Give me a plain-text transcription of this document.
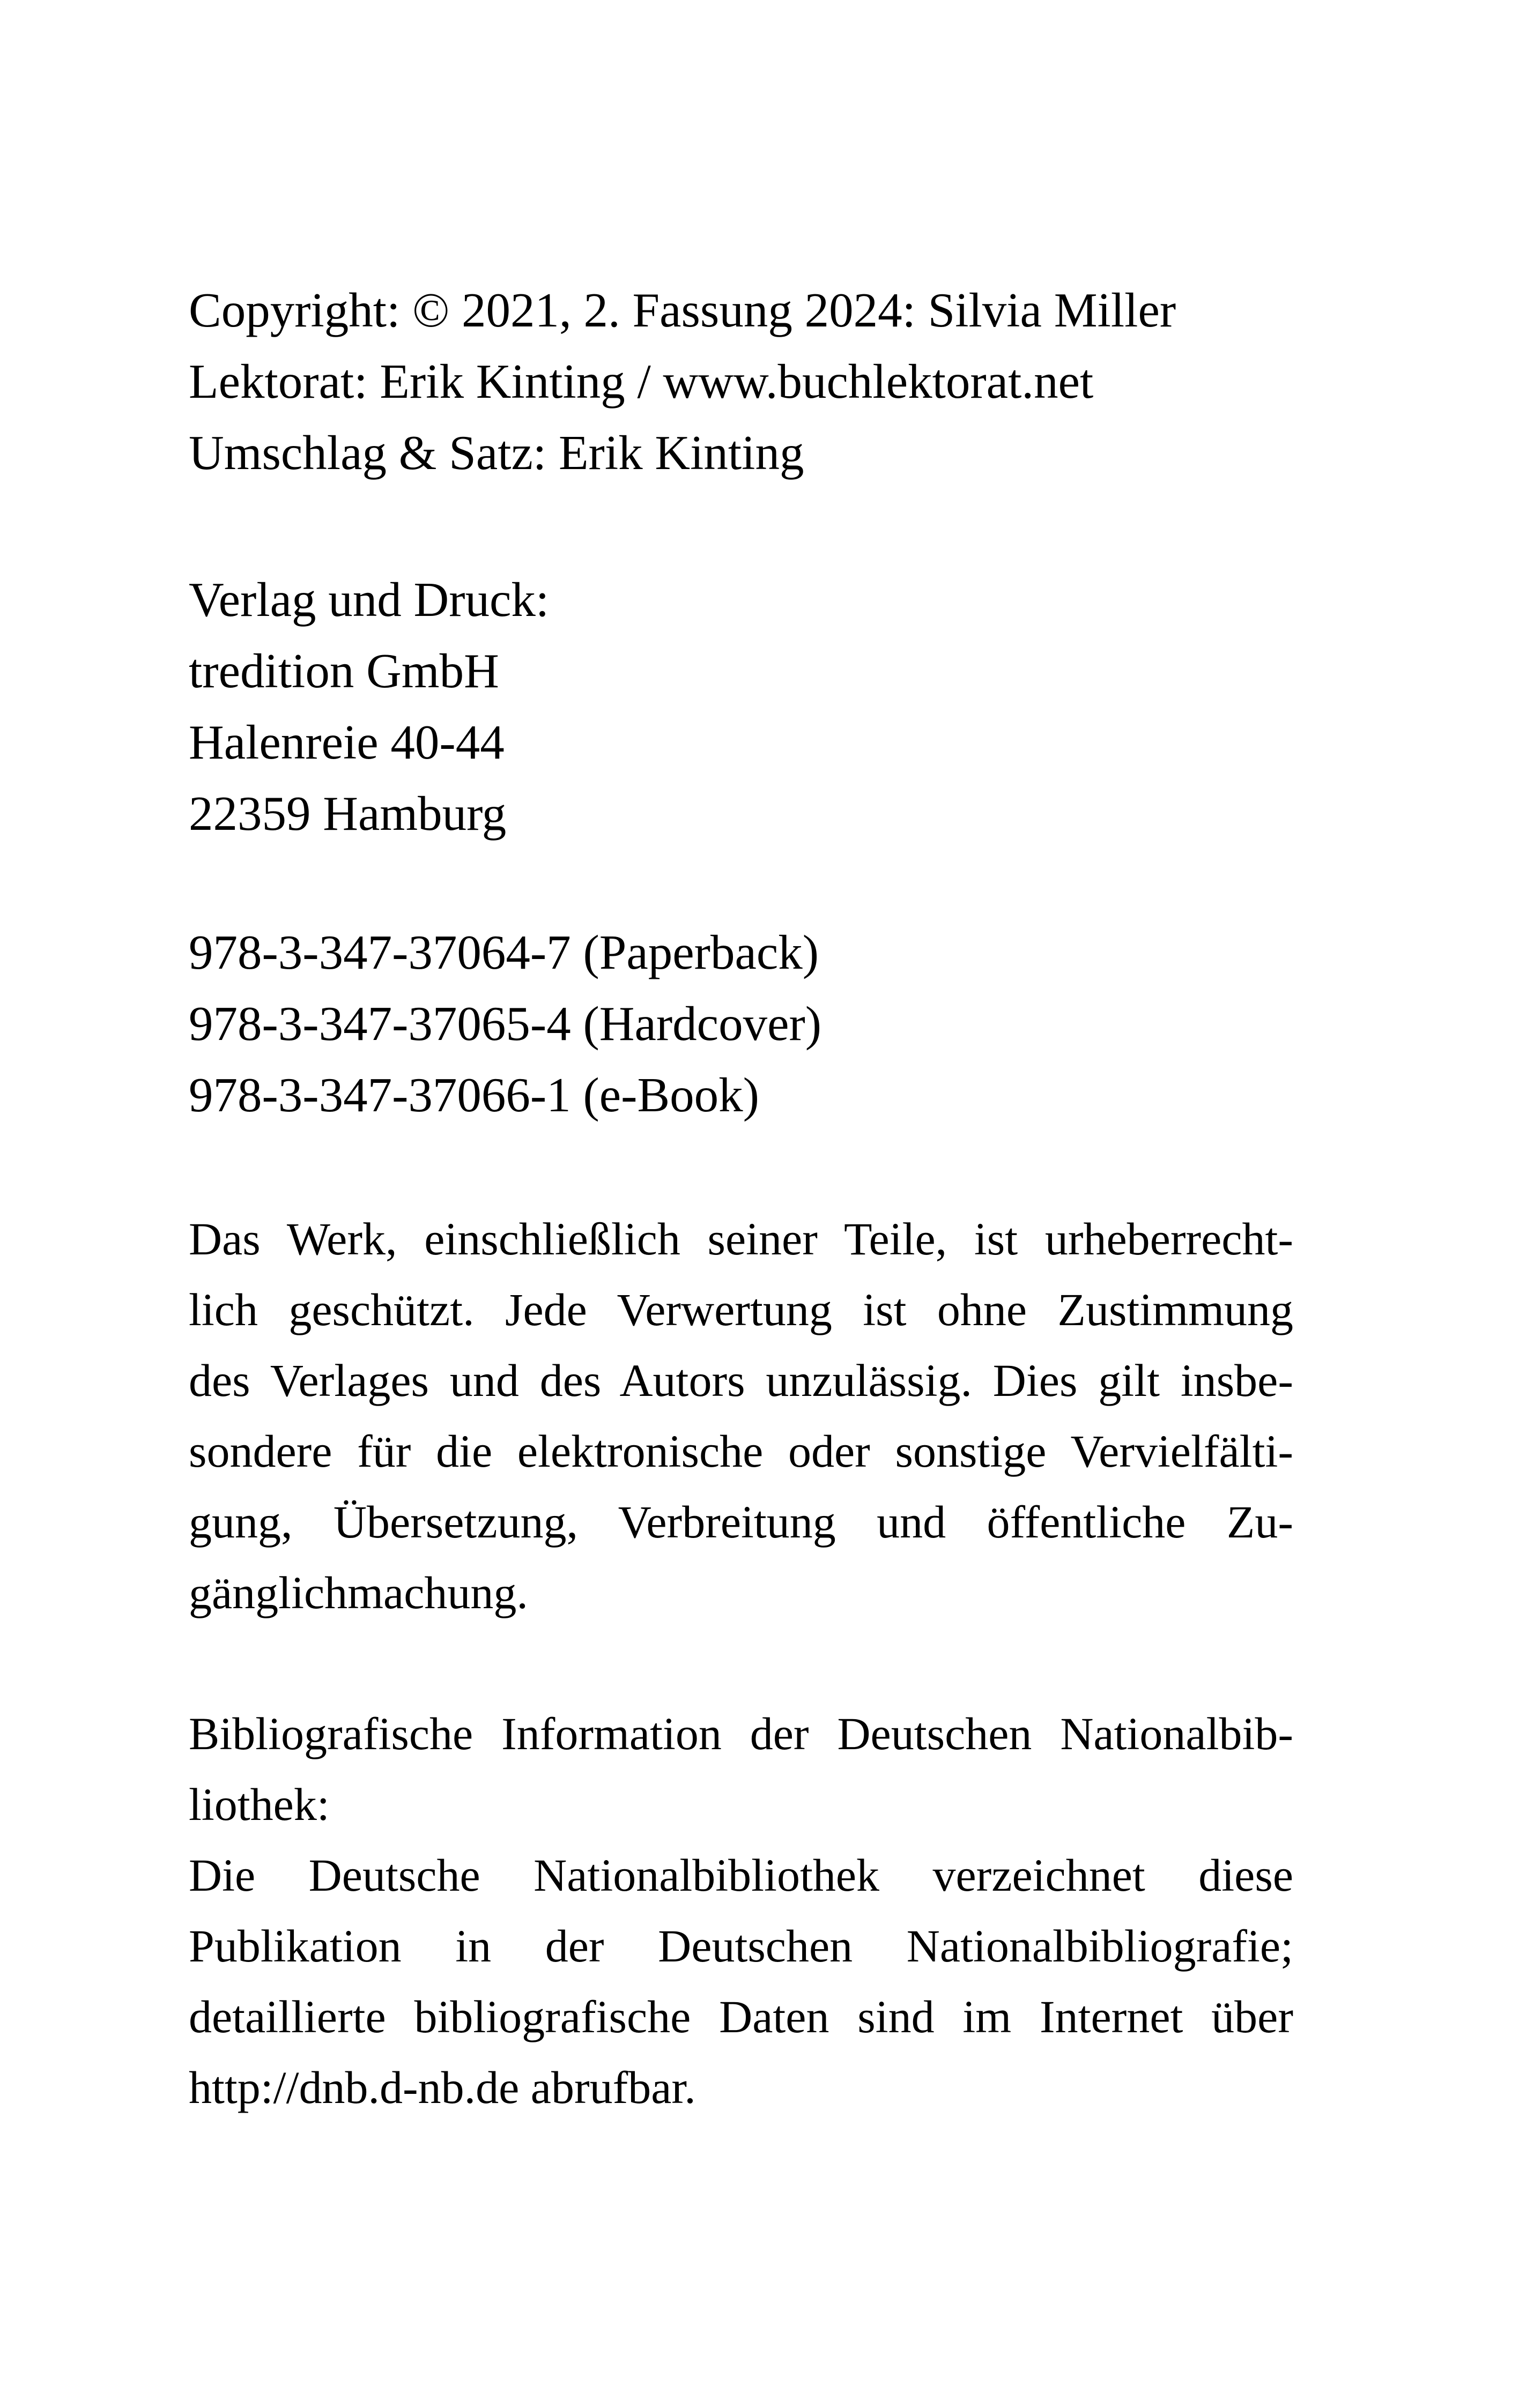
Copyright: © 2021, 2. Fassung 2024: Silvia Miller
Lektorat: Erik Kinting / www.buchlektorat.net
Umschlag & Satz: Erik Kinting
Verlag und Druck:
tredition GmbH
Halenreie 40-44
22359 Hamburg
978-3-347-37064-7 (Paperback)
978-3-347-37065-4 (Hardcover)
978-3-347-37066-1 (e-Book)
Das Werk, einschließlich seiner Teile, ist urheberrecht-
lich geschützt. Jede Verwertung ist ohne Zustimmung
des Verlages und des Autors unzulässig. Dies gilt insbe-
sondere für die elektronische oder sonstige Vervielfälti-
gung, Übersetzung, Verbreitung und öffentliche Zu-
gänglichmachung.
Bibliografische Information der Deutschen Nationalbib-
liothek:
Die Deutsche Nationalbibliothek verzeichnet diese
Publikation in der Deutschen Nationalbibliografie;
detaillierte bibliografische Daten sind im Internet über
http://dnb.d-nb.de abrufbar.
